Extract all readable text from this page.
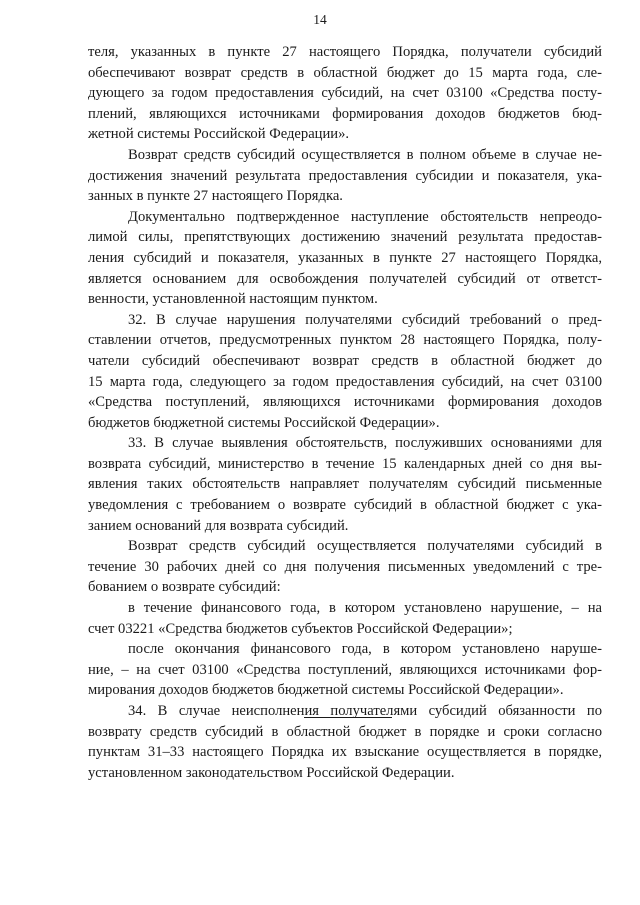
14
теля, указанных в пункте 27 настоящего Порядка, получатели субсидий
обеспечивают возврат средств в областной бюджет до 15 марта года, сле-
дующего за годом предоставления субсидий, на счет 03100 «Средства посту-
плений, являющихся источниками формирования доходов бюджетов бюд-
жетной системы Российской Федерации».
Возврат средств субсидий осуществляется в полном объеме в случае не-
достижения значений результата предоставления субсидии и показателя, ука-
занных в пункте 27 настоящего Порядка.
Документально подтвержденное наступление обстоятельств непреодо-
лимой силы, препятствующих достижению значений результата предостав-
ления субсидий и показателя, указанных в пункте 27 настоящего Порядка,
является основанием для освобождения получателей субсидий от ответст-
венности, установленной настоящим пунктом.
32. В случае нарушения получателями субсидий требований о пред-
ставлении отчетов, предусмотренных пунктом 28 настоящего Порядка, полу-
чатели субсидий обеспечивают возврат средств в областной бюджет до
15 марта года, следующего за годом предоставления субсидий, на счет 03100
«Средства поступлений, являющихся источниками формирования доходов
бюджетов бюджетной системы Российской Федерации».
33. В случае выявления обстоятельств, послуживших основаниями для
возврата субсидий, министерство в течение 15 календарных дней со дня вы-
явления таких обстоятельств направляет получателям субсидий письменные
уведомления с требованием о возврате субсидий в областной бюджет с ука-
занием оснований для возврата субсидий.
Возврат средств субсидий осуществляется получателями субсидий в
течение 30 рабочих дней со дня получения письменных уведомлений с тре-
бованием о возврате субсидий:
в течение финансового года, в котором установлено нарушение, – на
счет 03221 «Средства бюджетов субъектов Российской Федерации»;
после окончания финансового года, в котором установлено наруше-
ние, – на счет 03100 «Средства поступлений, являющихся источниками фор-
мирования доходов бюджетов бюджетной системы Российской Федерации».
34. В случае неисполнения получателями субсидий обязанности по
возврату средств субсидий в областной бюджет в порядке и сроки согласно
пунктам 31–33 настоящего Порядка их взыскание осуществляется в порядке,
установленном законодательством Российской Федерации.
